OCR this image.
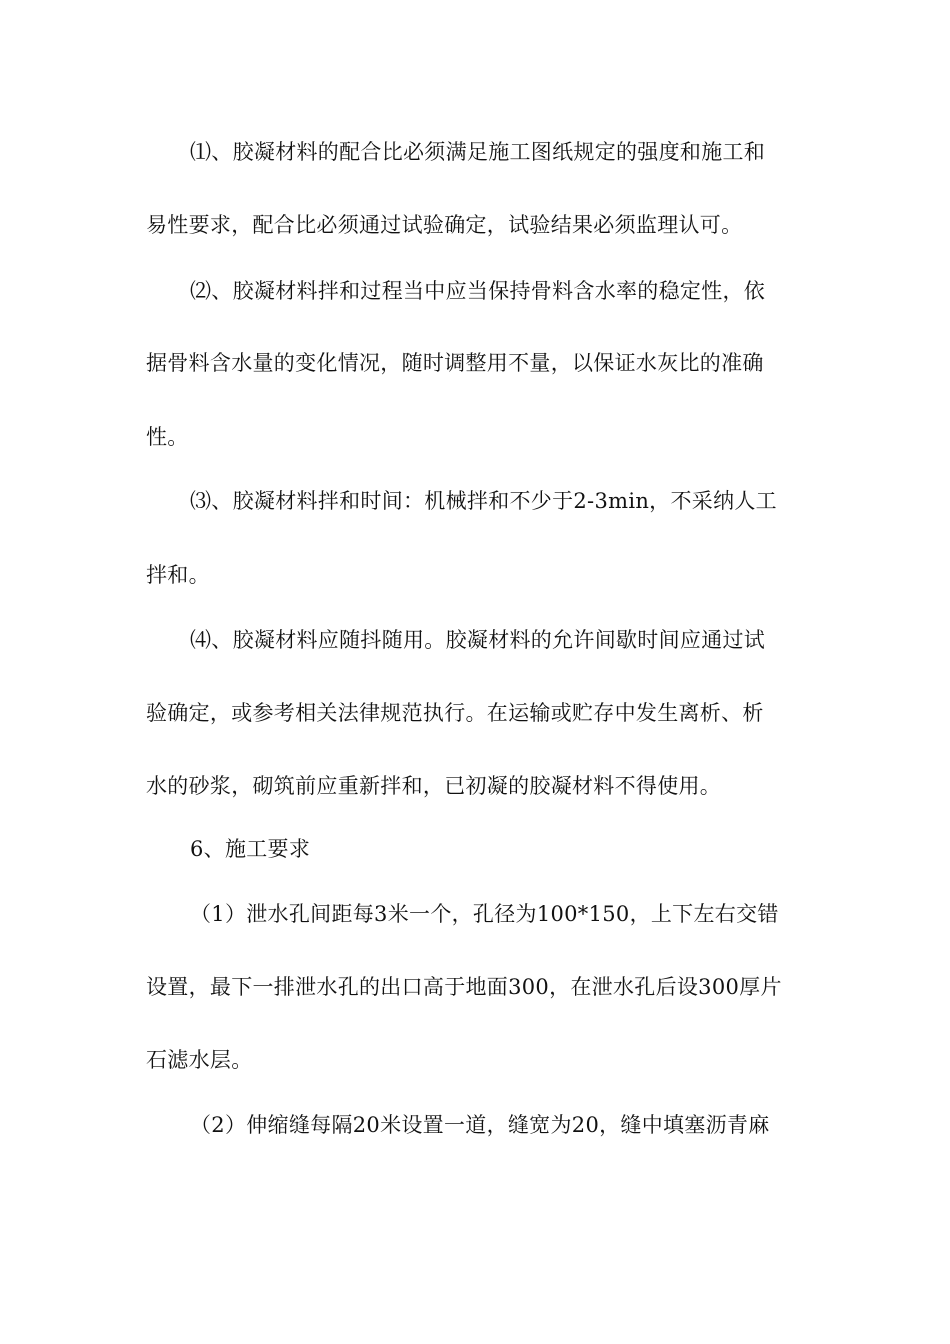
⑴、胶凝材料的配合比必须满足施工图纸规定的强度和施工和
易性要求，配合比必须通过试验确定，试验结果必须监理认可。
⑵、胶凝材料拌和过程当中应当保持骨料含水率的稳定性，依
据骨料含水量的变化情况，随时调整用不量，以保证水灰比的准确
性。
⑶、胶凝材料拌和时间：机械拌和不少于2-3min，不采纳人工
拌和。
⑷、胶凝材料应随抖随用。胶凝材料的允许间歇时间应通过试
验确定，或参考相关法律规范执行。在运输或贮存中发生离析、析
水的砂浆，砌筑前应重新拌和，已初凝的胶凝材料不得使用。
6、施工要求
（1）泄水孔间距每3米一个，孔径为100*150，上下左右交错
设置，最下一排泄水孔的出口高于地面300，在泄水孔后设300厚片
石滤水层。
（2）伸缩缝每隔20米设置一道，缝宽为20，缝中填塞沥青麻
